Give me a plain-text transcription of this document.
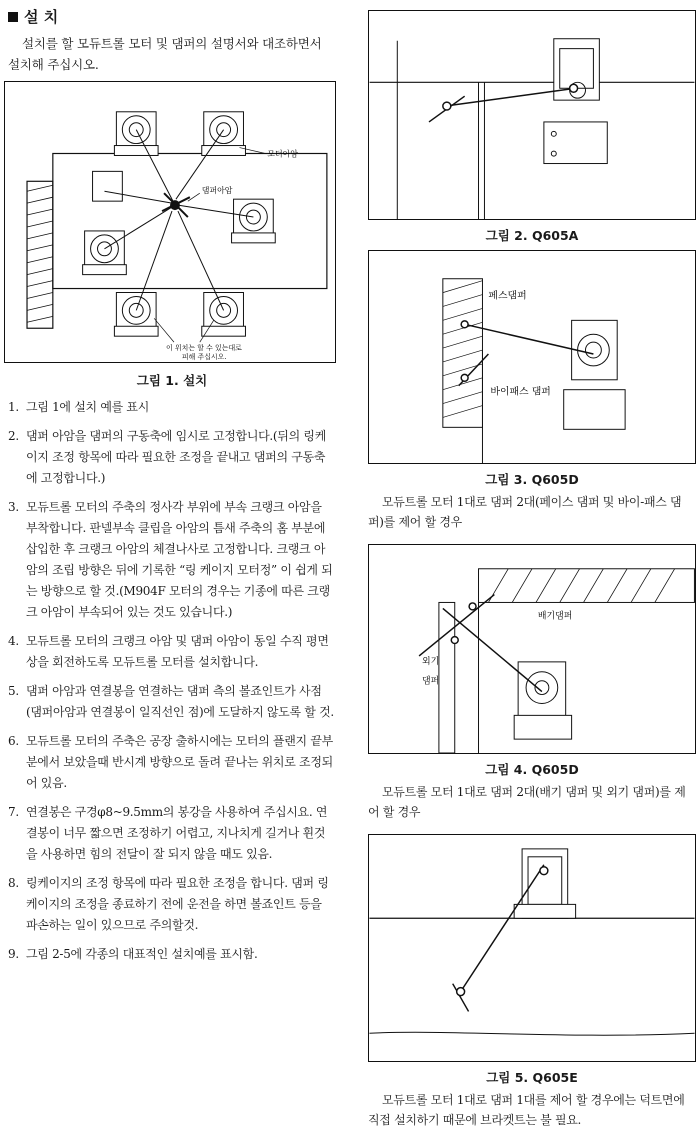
설 치

설치를 할 모듀트롤 모터 및 댐퍼의 설명서와 대조하면서 설치해 주십시오.

모터아암
댐퍼아암
이 위치는 할 수 있는대로
피해 주십시오.
그림 1. 설치
1. 그림 1에 설치 예를 표시
2. 댐퍼 아암을 댐퍼의 구동축에 임시로 고정합니다.(뒤의 링케이지 조정 항목에 따라 필요한 조정을 끝내고 댐퍼의 구동축에 고정합니다.)
3. 모듀트롤 모터의 주축의 정사각 부위에 부속 크랭크 아암을 부착합니다. 판넬부속 클립을 아암의 틈새 주축의 홈 부분에 삽입한 후 크랭크 아암의 체결나사로 고정합니다. 크랭크 아암의 조립 방향은 뒤에 기록한 “링 케이지 모터정” 이 쉽게 되는 방향으로 할 것.(M904F 모터의 경우는 기종에 따른 크랭크 아암이 부속되어 있는 것도 있습니다.)
4. 모듀트롤 모터의 크랭크 아암 및 댐퍼 아암이 동일 수직 평면상을 회전하도록 모듀트롤 모터를 설치합니다.
5. 댐퍼 아암과 연결봉을 연결하는 댐퍼 측의 볼죠인트가 사점(댐퍼아암과 연결봉이 일직선인 점)에 도달하지 않도록 할 것.
6. 모듀트롤 모터의 주축은 공장 출하시에는 모터의 플랜지 끝부분에서 보았을때 반시계 방향으로 돌려 끝나는 위치로 조정되어 있음.
7. 연결봉은 구경φ8~9.5mm의 봉강을 사용하여 주십시요. 연결봉이 너무 짧으면 조정하기 어렵고, 지나치게 길거나 휜것을 사용하면 힘의 전달이 잘 되지 않을 때도 있음.
8. 링케이지의 조정 항목에 따라 필요한 조정을 합니다. 댐퍼 링케이지의 조정을 종료하기 전에 운전을 하면 볼죠인트 등을 파손하는 일이 있으므로 주의할것.
9. 그림 2-5에 각종의 대표적인 설치예를 표시함.
그림 2. Q605A
페스댐퍼
바이패스 댐퍼
그림 3. Q605D

모듀트롤 모터 1대로 댐퍼 2대(페이스 댐퍼 및 바이-패스 댐퍼)를 제어 할 경우

배기댐퍼
외기
댐퍼
그림 4. Q605D

모듀트롤 모터 1대로 댐퍼 2대(배기 댐퍼 및 외기 댐퍼)를 제어 할 경우

그림 5. Q605E

모듀트롤 모터 1대로 댐퍼 1대를 제어 할 경우에는 덕트면에 직접 설치하기 때문에 브라켓트는 불 필요.
